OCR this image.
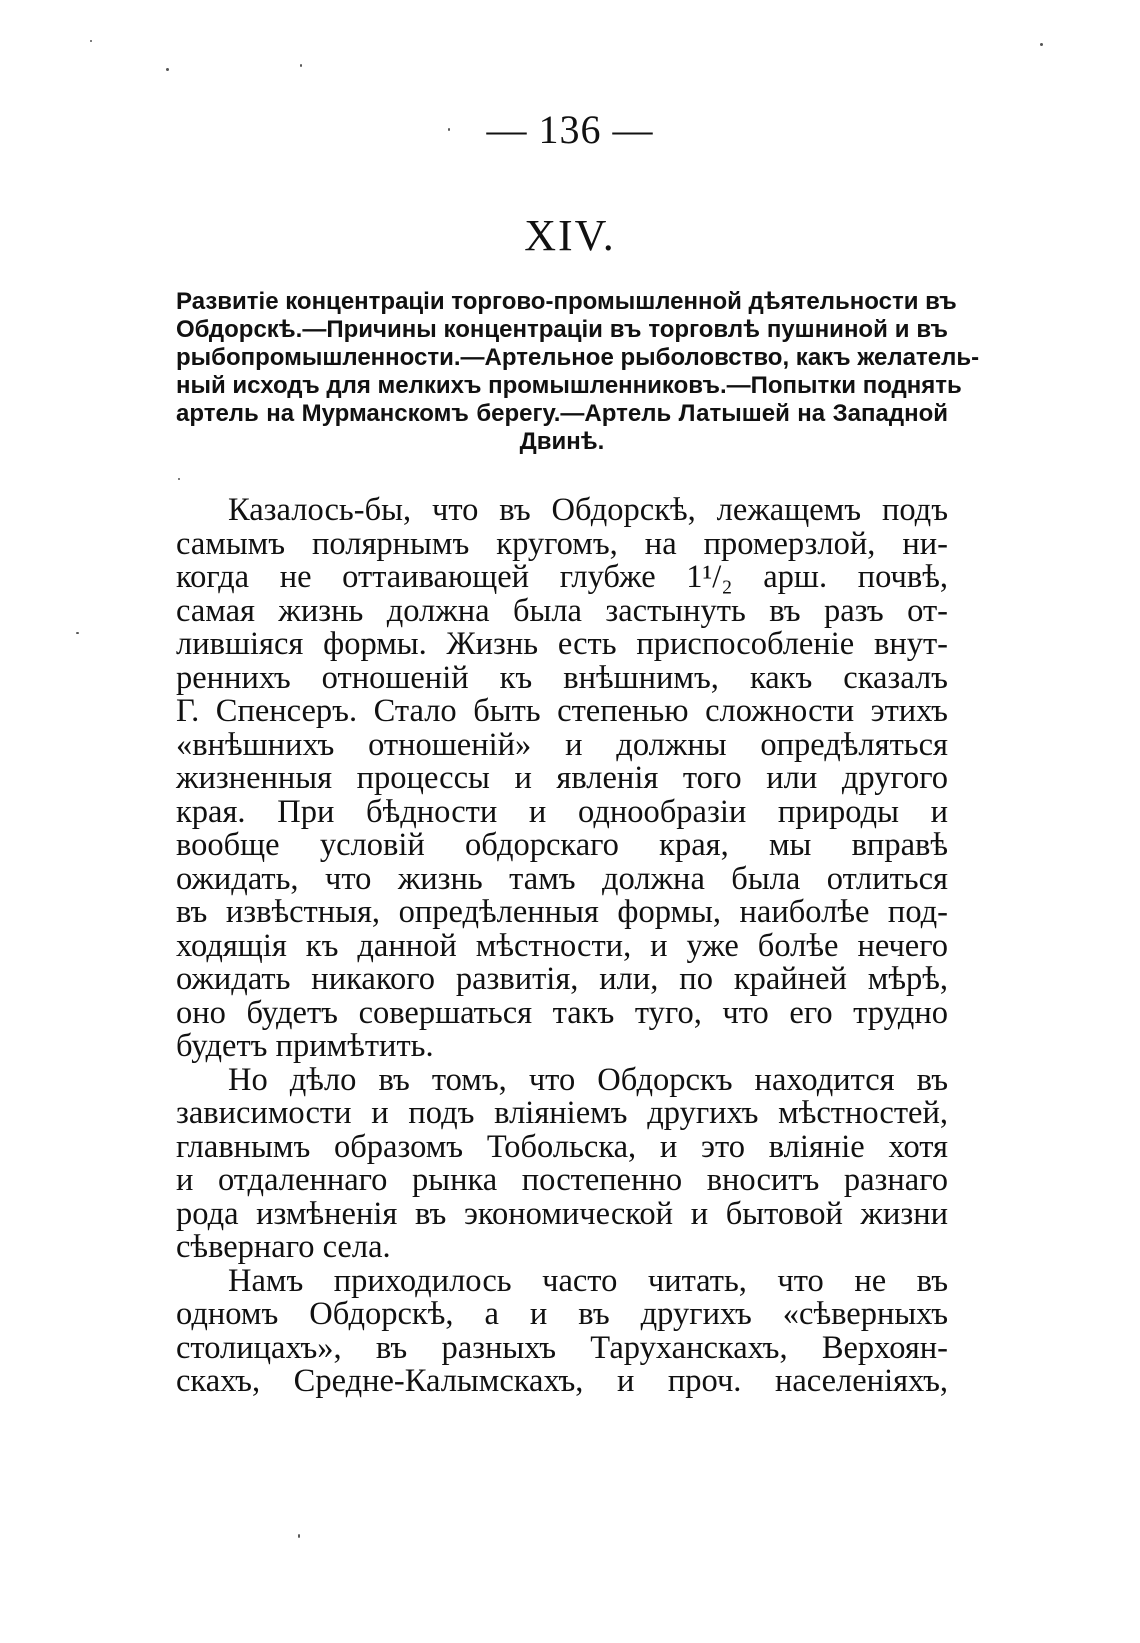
— 136 —
XIV.
Развитіе концентраціи торгово-промышленной дѣятельности въ
Обдорскѣ.—Причины концентраціи въ торговлѣ пушниной и въ
рыбопромышленности.—Артельное рыболовство, какъ желатель-
ный исходъ для мелкихъ промышленниковъ.—Попытки поднять
артель на Мурманскомъ берегу.—Артель Латышей на Западной
Двинѣ.
Казалось-бы, что въ Обдорскѣ, лежащемъ подъ
самымъ полярнымъ кругомъ, на промерзлой, ни-
когда не оттаивающей глубже 1¹/₂ арш. почвѣ,
самая жизнь должна была застынуть въ разъ от-
лившіяся формы. Жизнь есть приспособленіе внут-
реннихъ отношеній къ внѣшнимъ, какъ сказалъ
Г. Спенсеръ. Стало быть степенью сложности этихъ
«внѣшнихъ отношеній» и должны опредѣляться
жизненныя процессы и явленія того или другого
края. При бѣдности и однообразіи природы и
вообще условій обдорскаго края, мы вправѣ
ожидать, что жизнь тамъ должна была отлиться
въ извѣстныя, опредѣленныя формы, наиболѣе под-
ходящія къ данной мѣстности, и уже болѣе нечего
ожидать никакого развитія, или, по крайней мѣрѣ,
оно будетъ совершаться такъ туго, что его трудно
будетъ примѣтить.
Но дѣло въ томъ, что Обдорскъ находится въ
зависимости и подъ вліяніемъ другихъ мѣстностей,
главнымъ образомъ Тобольска, и это вліяніе хотя
и отдаленнаго рынка постепенно вноситъ разнаго
рода измѣненія въ экономической и бытовой жизни
сѣвернаго села.
Намъ приходилось часто читать, что не въ
одномъ Обдорскѣ, а и въ другихъ «сѣверныхъ
столицахъ», въ разныхъ Таруханскахъ, Верхоян-
скахъ, Средне-Калымскахъ, и проч. населеніяхъ,
